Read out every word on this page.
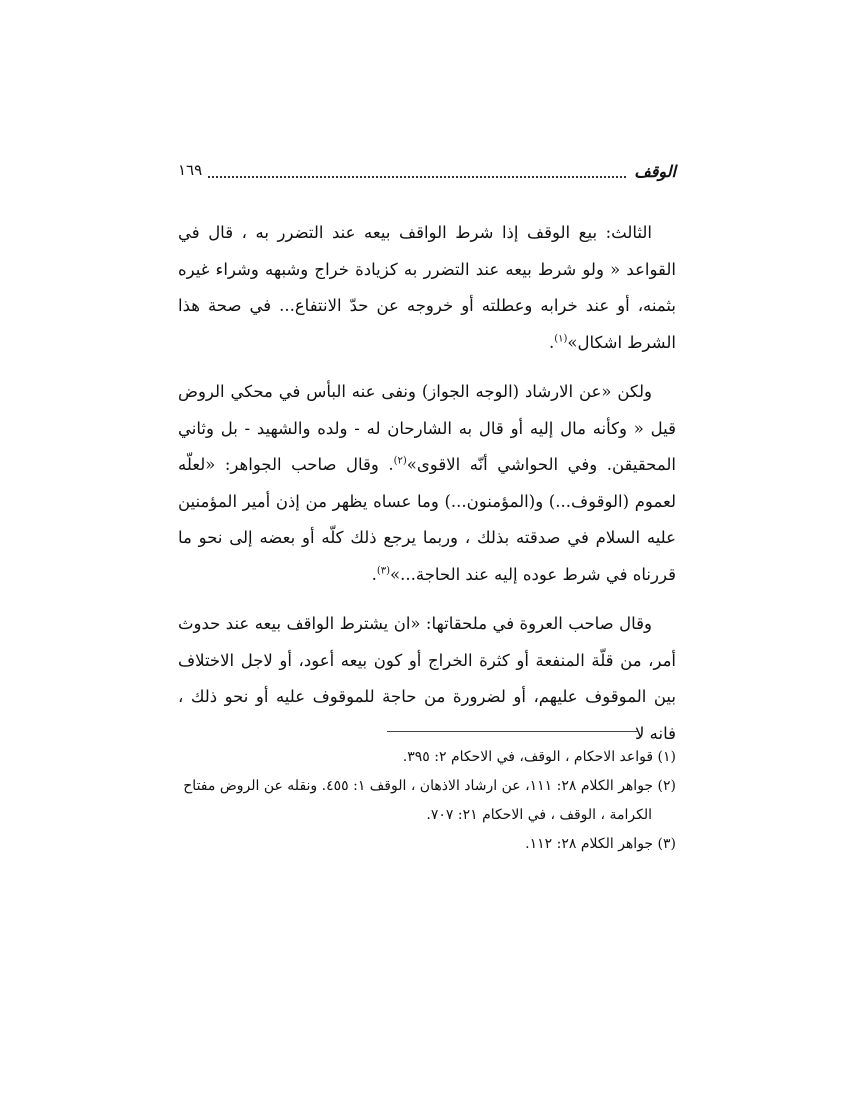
الوقف
١٦٩

الثالث: بيع الوقف إذا شرط الواقف بيعه عند التضرر به ، قال في القواعد « ولو شرط بيعه عند التضرر به كزيادة خراج وشبهه وشراء غيره بثمنه، أو عند خرابه وعطلته أو خروجه عن حدّ الانتفاع... في صحة هذا الشرط اشكال»$^{(١)}$.

ولكن «عن الارشاد (الوجه الجواز) ونفى عنه البأس في محكي الروض قيل « وكأنه مال إليه أو قال به الشارحان له - ولده والشهيد - بل وثاني المحقيقن. وفي الحواشي أنّه الاقوى»$^{(٢)}$. وقال صاحب الجواهر: «لعلّه لعموم (الوقوف...) و(المؤمنون...) وما عساه يظهر من إذن أمير المؤمنين عليه السلام في صدقته بذلك ، وربما يرجع ذلك كلّه أو بعضه إلى نحو ما قررناه في شرط عوده إليه عند الحاجة...»$^{(٣)}$.

وقال صاحب العروة في ملحقاتها: «ان يشترط الواقف بيعه عند حدوث أمر، من قلّة المنفعة أو كثرة الخراج أو كون بيعه أعود، أو لاجل الاختلاف بين الموقوف عليهم، أو لضرورة من حاجة للموقوف عليه أو نحو ذلك ، فانه لا

(١) قواعد الاحكام ، الوقف، في الاحكام ٢: ٣٩٥.

(٢) جواهر الكلام ٢٨: ١١١، عن ارشاد الاذهان ، الوقف ١: ٤٥٥. ونقله عن الروض مفتاح
الكرامة ، الوقف ، في الاحكام ٢١: ٧٠٧.

(٣) جواهر الكلام ٢٨: ١١٢.
